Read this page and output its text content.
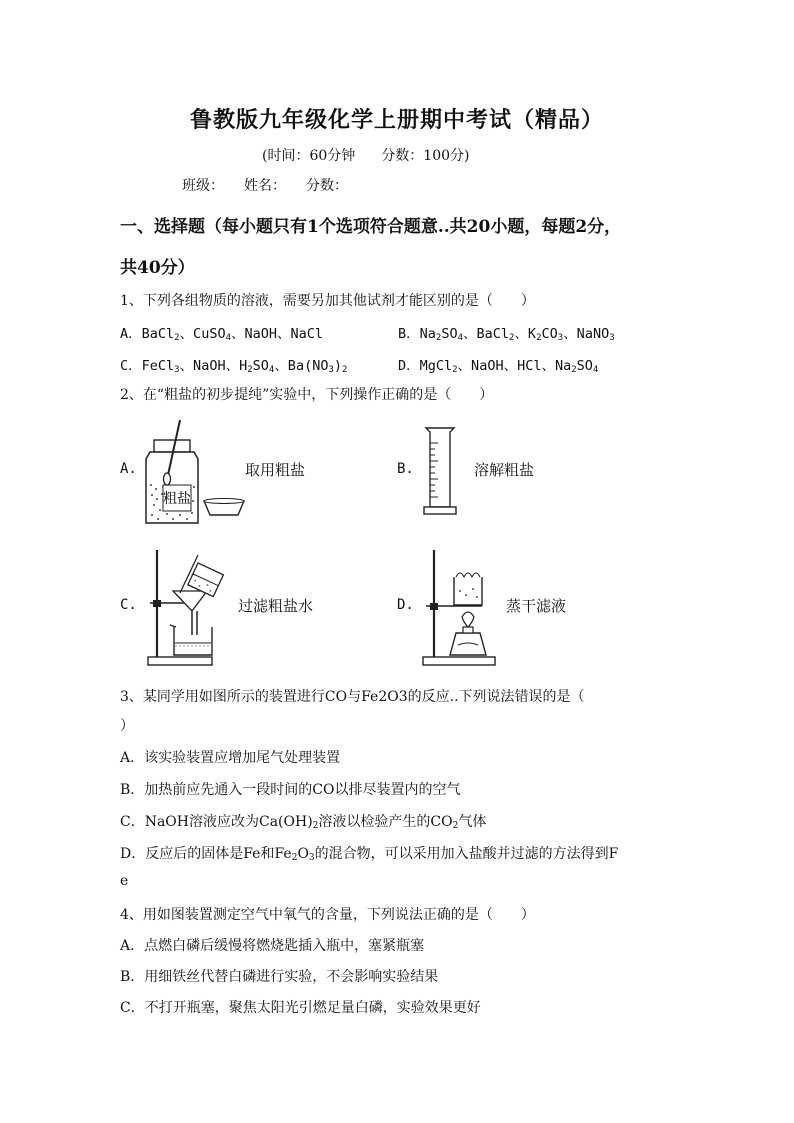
鲁教版九年级化学上册期中考试（精品）
(时间：60分钟 分数：100分)
班级： 姓名： 分数：
一、选择题（每小题只有1个选项符合题意..共20小题，每题2分，
共40分）
1、下列各组物质的溶液，需要另加其他试剂才能区别的是（　　）
A．BaCl$_2$、CuSO$_4$、NaOH、NaCl	B．$Na_2SO_4$、BaCl$_2$、$K_2CO_3$、NaNO$_3$
C．FeCl$_3$、NaOH、$H_2SO_4$、$Ba(NO_3)_2$	D．MgCl$_2$、NaOH、HCl、$Na_2SO_4$
2、在“粗盐的初步提纯”实验中，下列操作正确的是（　　）
A.
粗盐
取用粗盐	B.	溶解粗盐
C.	过滤粗盐水	D.	蒸干滤液
3、某同学用如图所示的装置进行CO与Fe2O3的反应..下列说法错误的是（
）
A．该实验装置应增加尾气处理装置
B．加热前应先通入一段时间的CO以排尽装置内的空气
C．NaOH溶液应改为$Ca(OH)_2$溶液以检验产生的$CO_2$气体
D．反应后的固体是Fe和$Fe_2O_3$的混合物，可以采用加入盐酸并过滤的方法得到F
e
4、用如图装置测定空气中氧气的含量，下列说法正确的是（　　）
A．点燃白磷后缓慢将燃烧匙插入瓶中，塞紧瓶塞
B．用细铁丝代替白磷进行实验，不会影响实验结果
C．不打开瓶塞，聚焦太阳光引燃足量白磷，实验效果更好
